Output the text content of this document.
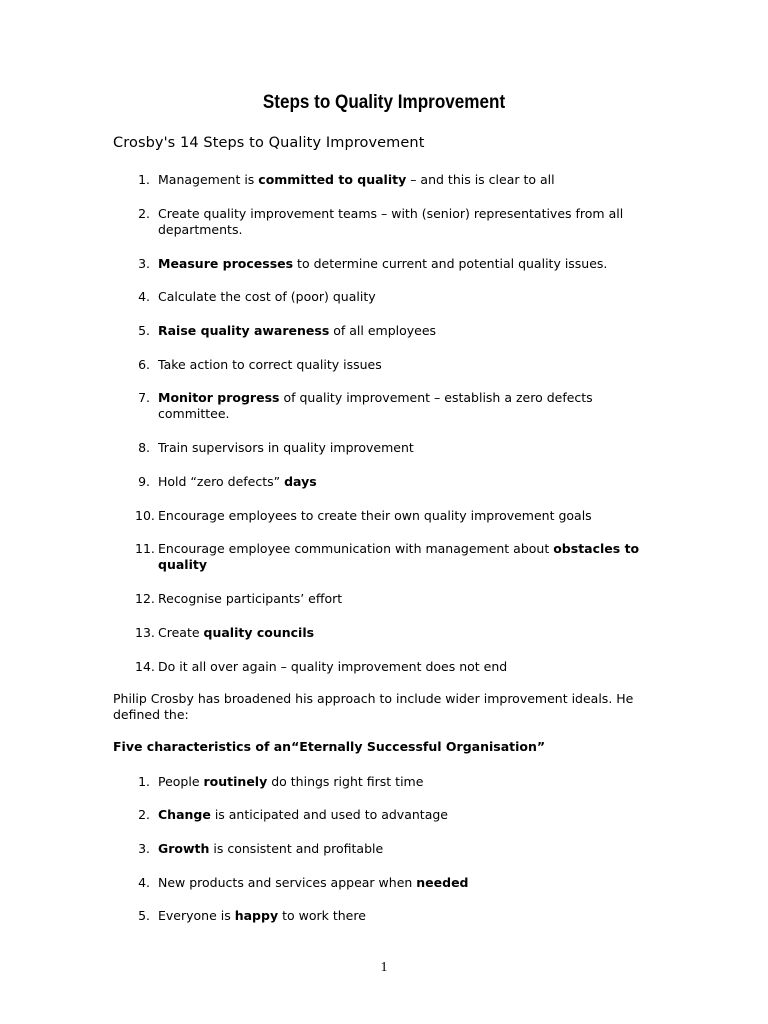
Steps to Quality Improvement
Crosby's 14 Steps to Quality Improvement
1. Management is committed to quality – and this is clear to all
2. Create quality improvement teams – with (senior) representatives from all departments.
3. Measure processes to determine current and potential quality issues.
4. Calculate the cost of (poor) quality
5. Raise quality awareness of all employees
6. Take action to correct quality issues
7. Monitor progress of quality improvement – establish a zero defects committee.
8. Train supervisors in quality improvement
9. Hold “zero defects” days
10. Encourage employees to create their own quality improvement goals
11. Encourage employee communication with management about obstacles to quality
12. Recognise participants’ effort
13. Create quality councils
14. Do it all over again – quality improvement does not end
Philip Crosby has broadened his approach to include wider improvement ideals. He defined the:
Five characteristics of an“Eternally Successful Organisation”
1. People routinely do things right first time
2. Change is anticipated and used to advantage
3. Growth is consistent and profitable
4. New products and services appear when needed
5. Everyone is happy to work there
1
